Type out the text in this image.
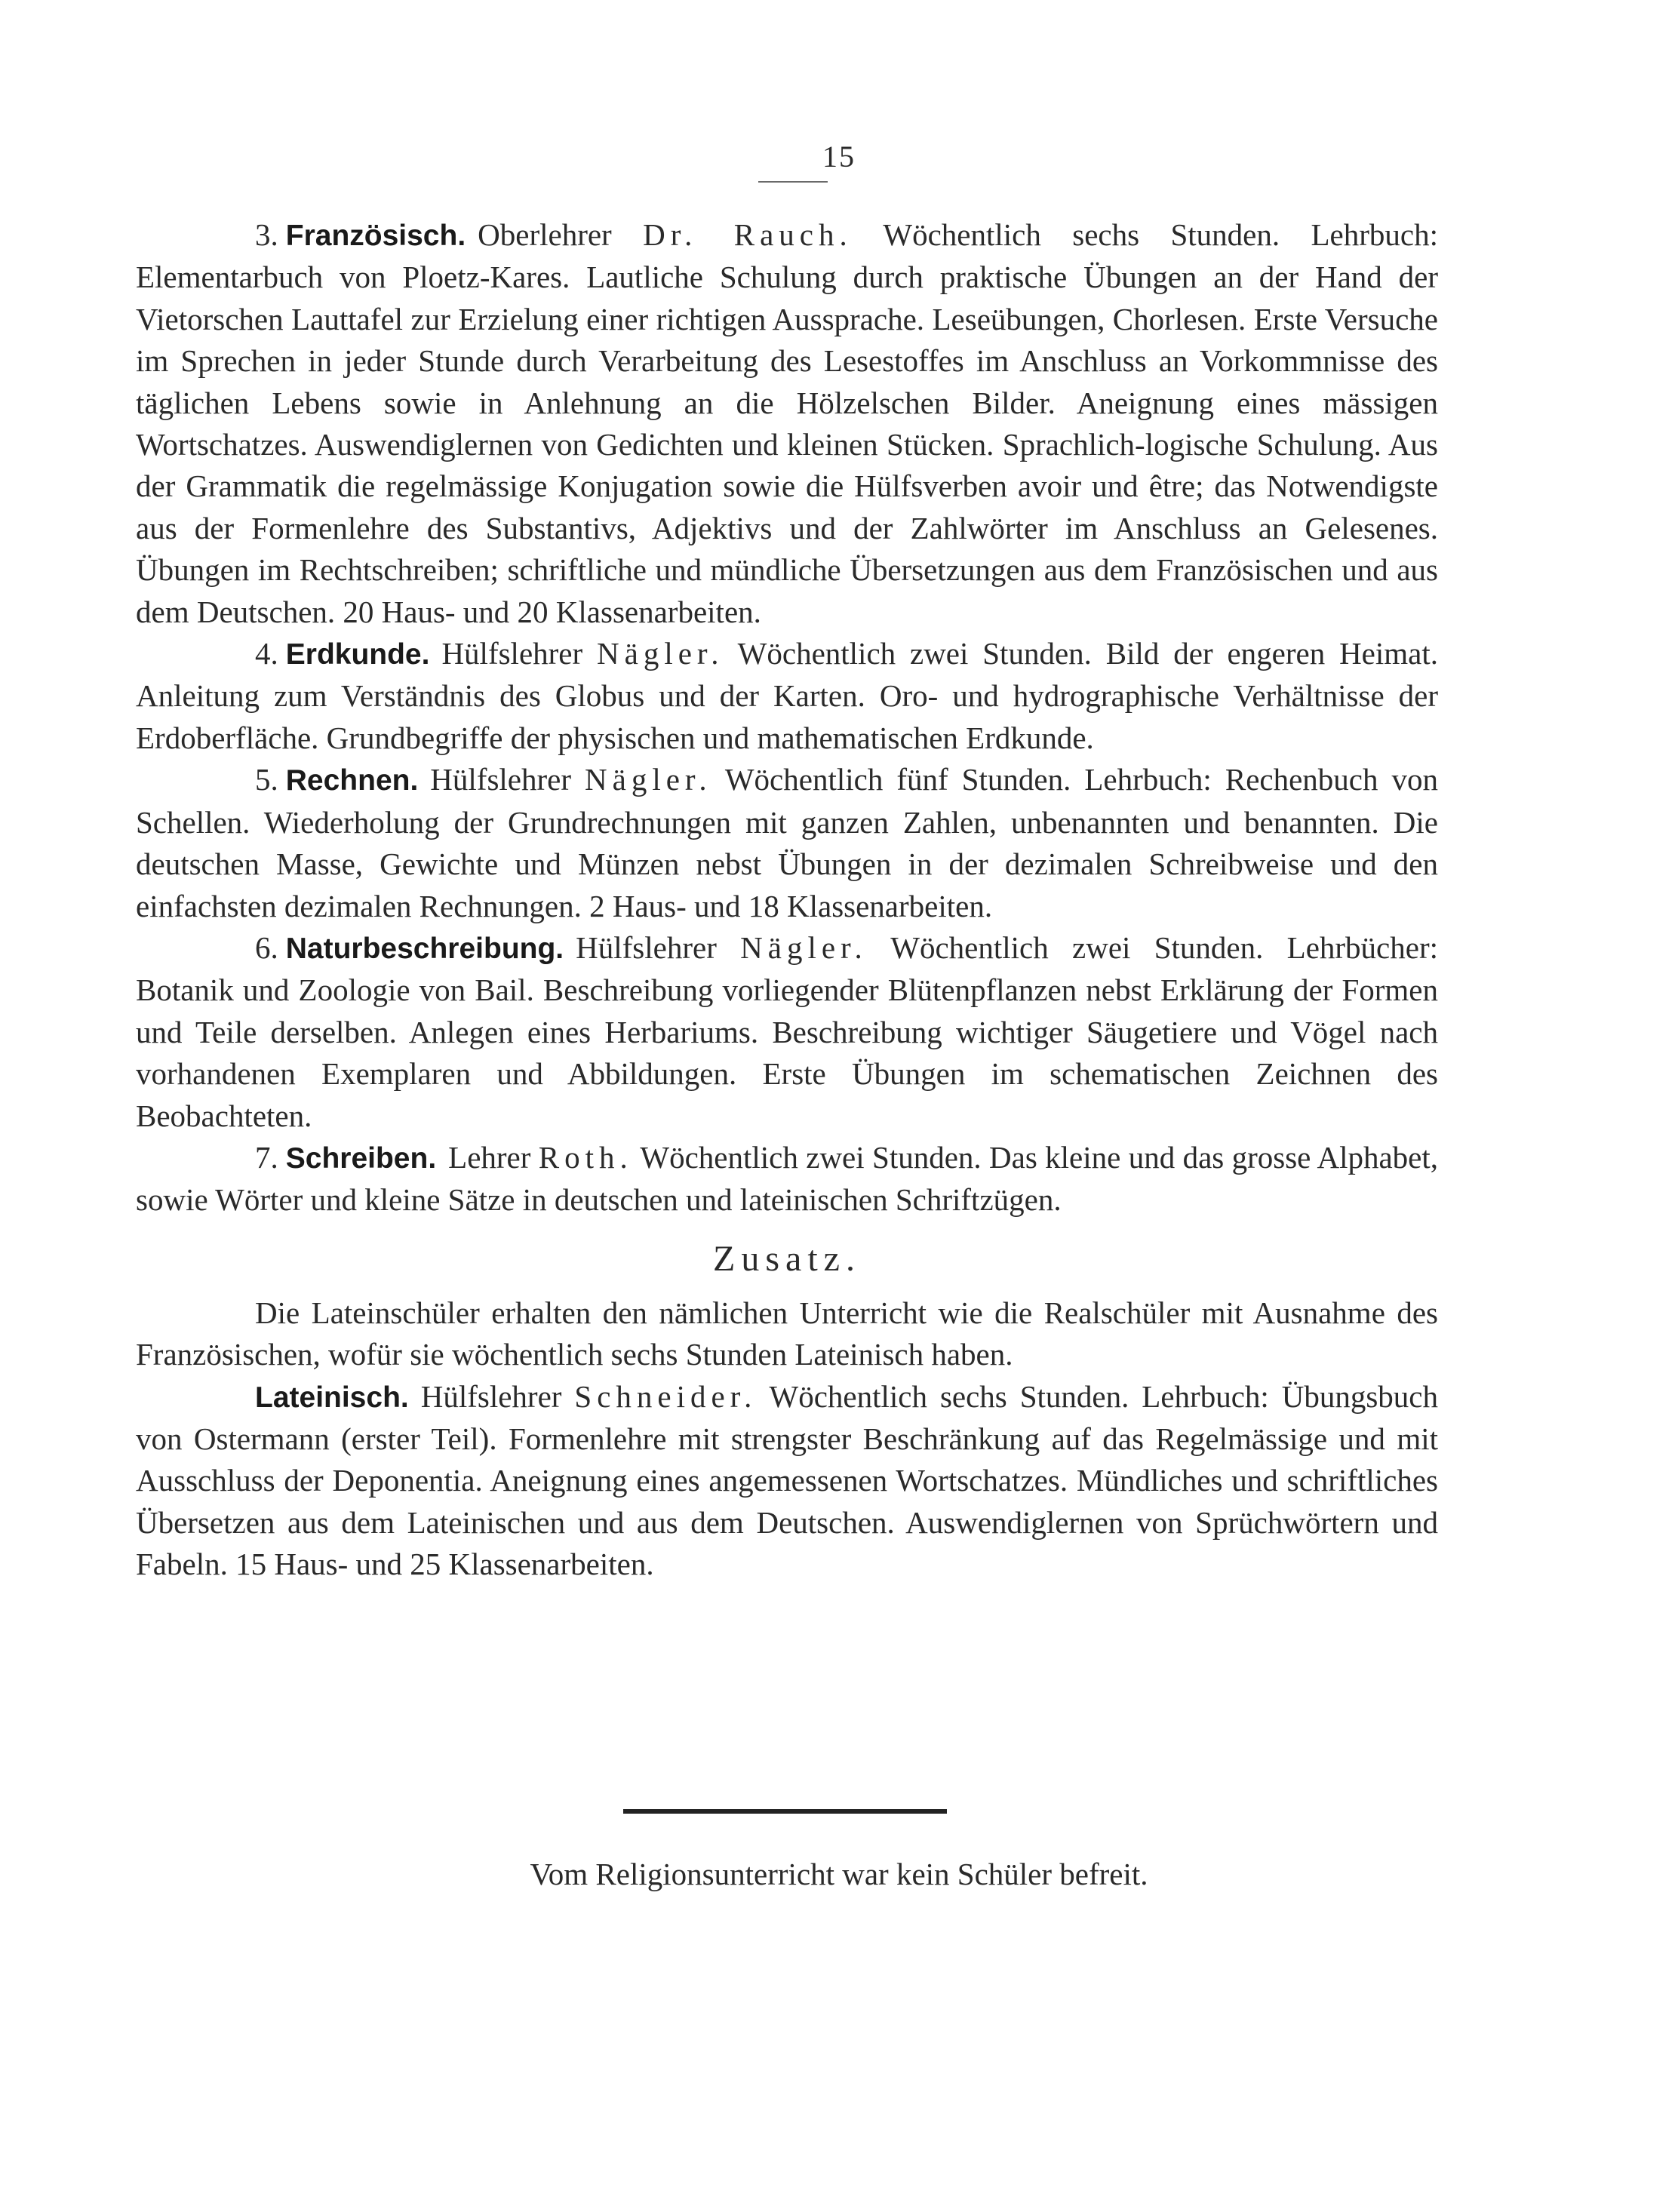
15

3. Französisch. Oberlehrer Dr. Rauch. Wöchentlich sechs Stunden. Lehrbuch: Elementarbuch von Ploetz-Kares. Lautliche Schulung durch praktische Übungen an der Hand der Vietorschen Lauttafel zur Erzielung einer richtigen Aussprache. Leseübungen, Chorlesen. Erste Versuche im Sprechen in jeder Stunde durch Verarbeitung des Lesestoffes im Anschluss an Vorkommnisse des täglichen Lebens sowie in Anlehnung an die Hölzelschen Bilder. Aneignung eines mässigen Wortschatzes. Auswendiglernen von Gedichten und kleinen Stücken. Sprachlich-logische Schulung. Aus der Grammatik die regelmässige Konjugation sowie die Hülfsverben avoir und être; das Notwendigste aus der Formenlehre des Substantivs, Adjektivs und der Zahlwörter im Anschluss an Gelesenes. Übungen im Rechtschreiben; schriftliche und mündliche Übersetzungen aus dem Französischen und aus dem Deutschen. 20 Haus- und 20 Klassenarbeiten.

4. Erdkunde. Hülfslehrer Nägler. Wöchentlich zwei Stunden. Bild der engeren Heimat. Anleitung zum Verständnis des Globus und der Karten. Oro- und hydrographische Verhältnisse der Erdoberfläche. Grundbegriffe der physischen und mathematischen Erdkunde.

5. Rechnen. Hülfslehrer Nägler. Wöchentlich fünf Stunden. Lehrbuch: Rechenbuch von Schellen. Wiederholung der Grundrechnungen mit ganzen Zahlen, unbenannten und benannten. Die deutschen Masse, Gewichte und Münzen nebst Übungen in der dezimalen Schreibweise und den einfachsten dezimalen Rechnungen. 2 Haus- und 18 Klassenarbeiten.

6. Naturbeschreibung. Hülfslehrer Nägler. Wöchentlich zwei Stunden. Lehrbücher: Botanik und Zoologie von Bail. Beschreibung vorliegender Blütenpflanzen nebst Erklärung der Formen und Teile derselben. Anlegen eines Herbariums. Beschreibung wichtiger Säugetiere und Vögel nach vorhandenen Exemplaren und Abbildungen. Erste Übungen im schematischen Zeichnen des Beobachteten.

7. Schreiben. Lehrer Roth. Wöchentlich zwei Stunden. Das kleine und das grosse Alphabet, sowie Wörter und kleine Sätze in deutschen und lateinischen Schriftzügen.

Zusatz.

Die Lateinschüler erhalten den nämlichen Unterricht wie die Realschüler mit Ausnahme des Französischen, wofür sie wöchentlich sechs Stunden Lateinisch haben.

Lateinisch. Hülfslehrer Schneider. Wöchentlich sechs Stunden. Lehrbuch: Übungsbuch von Ostermann (erster Teil). Formenlehre mit strengster Beschränkung auf das Regelmässige und mit Ausschluss der Deponentia. Aneignung eines angemessenen Wortschatzes. Mündliches und schriftliches Übersetzen aus dem Lateinischen und aus dem Deutschen. Auswendiglernen von Sprüchwörtern und Fabeln. 15 Haus- und 25 Klassenarbeiten.

Vom Religionsunterricht war kein Schüler befreit.
